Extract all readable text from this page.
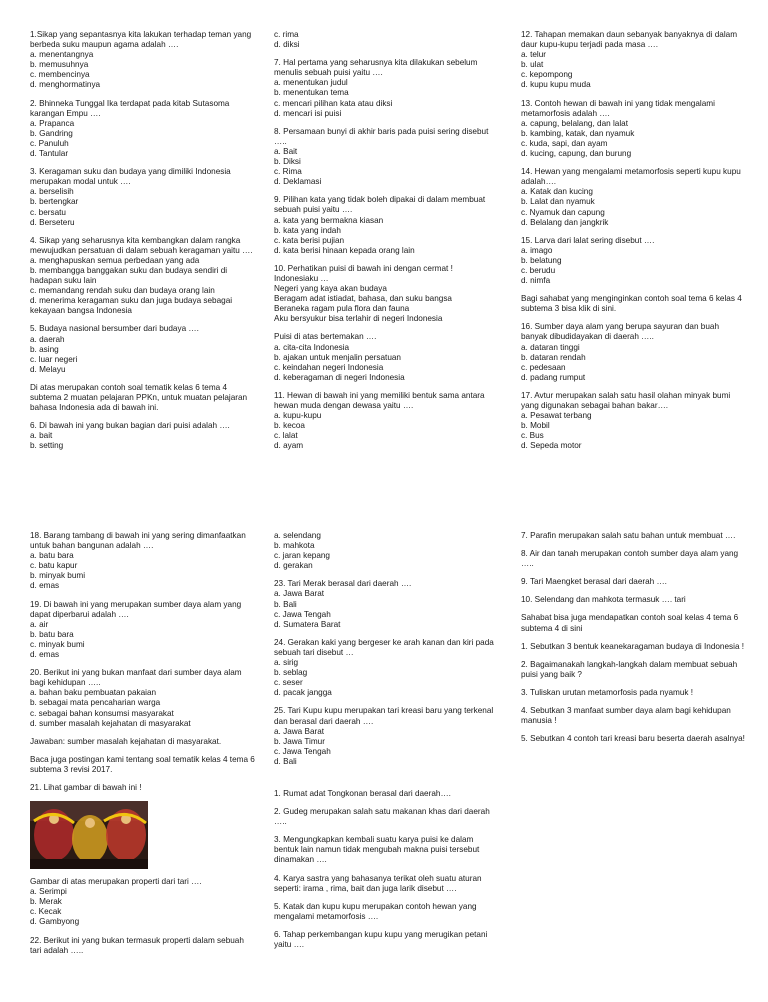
1.Sikap yang sepantasnya kita lakukan terhadap teman yang berbeda suku maupun agama adalah ….
a. menentangnya
b. memusuhnya
c. membencinya
d. menghormatinya
2. Bhinneka Tunggal Ika terdapat pada kitab Sutasoma karangan Empu ….
a. Prapanca
b. Gandring
c. Panuluh
d. Tantular
3. Keragaman suku dan budaya yang dimiliki Indonesia merupakan modal untuk ….
a. berselisih
b. bertengkar
c. bersatu
d. Berseteru
4. Sikap yang seharusnya kita kembangkan dalam rangka mewujudkan persatuan di dalam sebuah keragaman yaitu ….
a. menghapuskan semua perbedaan yang ada
b. membangga banggakan suku dan budaya sendiri di hadapan suku lain
c. memandang rendah suku dan budaya orang lain
d. menerima keragaman suku dan juga budaya sebagai kekayaan bangsa Indonesia
5. Budaya nasional bersumber dari budaya ….
a. daerah
b. asing
c. luar negeri
d. Melayu
Di atas merupakan contoh soal tematik kelas 6 tema 4 subtema 2 muatan pelajaran PPKn, untuk muatan pelajaran bahasa Indonesia ada di bawah ini.
6. Di bawah ini yang bukan bagian dari puisi adalah ….
a. bait
b. setting
c. rima
d. diksi
7. Hal pertama yang seharusnya kita dilakukan sebelum menulis sebuah puisi yaitu ….
a. menentukan judul
b. menentukan tema
c. mencari pilihan kata atau diksi
d. mencari isi puisi
8. Persamaan bunyi di akhir baris pada puisi sering disebut …..
a. Bait
b. Diksi
c. Rima
d. Deklamasi
9. Pilihan kata yang tidak boleh dipakai di dalam membuat sebuah puisi yaitu ….
a. kata yang bermakna kiasan
b. kata yang indah
c. kata berisi pujian
d. kata berisi hinaan kepada orang lain
10. Perhatikan puisi di bawah ini dengan cermat !
Indonesiaku …
Negeri yang kaya akan budaya
Beragam adat istiadat, bahasa, dan suku bangsa
Beraneka ragam pula flora dan fauna
Aku bersyukur bisa terlahir di negeri Indonesia
Puisi di atas bertemakan ….
a. cita-cita Indonesia
b. ajakan untuk menjalin persatuan
c. keindahan negeri Indonesia
d. keberagaman di negeri Indonesia
11. Hewan di bawah ini yang memiliki bentuk sama antara hewan muda dengan dewasa yaitu ….
a. kupu-kupu
b. kecoa
c. lalat
d. ayam
12. Tahapan memakan daun sebanyak banyaknya di dalam daur kupu-kupu terjadi pada masa ….
a. telur
b. ulat
c. kepompong
d. kupu kupu muda
13. Contoh hewan di bawah ini yang tidak mengalami metamorfosis adalah ….
a. capung, belalang, dan lalat
b. kambing, katak, dan nyamuk
c. kuda, sapi, dan ayam
d. kucing, capung, dan burung
14. Hewan yang mengalami metamorfosis seperti kupu kupu adalah….
a. Katak dan kucing
b. Lalat dan nyamuk
c. Nyamuk dan capung
d. Belalang dan jangkrik
15. Larva dari lalat sering disebut ….
a. imago
b. belatung
c. berudu
d. nimfa
Bagi sahabat yang menginginkan contoh soal tema 6 kelas 4 subtema 3 bisa klik di sini.
16. Sumber daya alam yang berupa sayuran dan buah banyak dibudidayakan di daerah …..
a. dataran tinggi
b. dataran rendah
c. pedesaan
d. padang rumput
17. Avtur merupakan salah satu hasil olahan minyak bumi yang digunakan sebagai bahan bakar….
a. Pesawat terbang
b. Mobil
c. Bus
d. Sepeda motor
18. Barang tambang di bawah ini yang sering dimanfaatkan untuk bahan bangunan adalah ….
a. batu bara
c. batu kapur
b. minyak bumi
d. emas
19. Di bawah ini yang merupakan sumber daya alam yang dapat diperbarui adalah ….
a. air
b. batu bara
c. minyak bumi
d. emas
20. Berikut ini yang bukan manfaat dari sumber daya alam bagi kehidupan …..
a. bahan baku pembuatan pakaian
b. sebagai mata pencaharian warga
c. sebagai bahan konsumsi masyarakat
d. sumber masalah kejahatan di masyarakat
Jawaban: sumber masalah kejahatan di masyarakat.
Baca juga postingan kami tentang soal tematik kelas 4 tema 6 subtema 3 revisi 2017.
21. Lihat gambar di bawah ini !
Gambar di atas merupakan properti dari tari ….
a. Serimpi
b. Merak
c. Kecak
d. Gambyong
22. Berikut ini yang bukan termasuk properti dalam sebuah tari adalah …..
a. selendang
b. mahkota
c. jaran kepang
d. gerakan
23. Tari Merak berasal dari daerah ….
a. Jawa Barat
b. Bali
c. Jawa Tengah
d. Sumatera Barat
24. Gerakan kaki yang bergeser ke arah kanan dan kiri pada sebuah tari disebut …
a. sirig
b. seblag
c. seser
d. pacak jangga
25. Tari Kupu kupu merupakan tari kreasi baru yang terkenal dan berasal dari daerah ….
a. Jawa Barat
b. Jawa Timur
c. Jawa Tengah
d. Bali
1. Rumat adat Tongkonan berasal dari daerah….
2. Gudeg merupakan salah satu makanan khas dari daerah …..
3. Mengungkapkan kembali suatu karya puisi ke dalam bentuk lain namun tidak mengubah makna puisi tersebut dinamakan ….
4. Karya sastra yang bahasanya terikat oleh suatu aturan seperti: irama , rima, bait dan juga larik disebut ….
5. Katak dan kupu kupu merupakan contoh hewan yang mengalami metamorfosis ….
6. Tahap perkembangan kupu kupu yang merugikan petani yaitu ….
7. Parafin merupakan salah satu bahan untuk membuat ….
8. Air dan tanah merupakan contoh sumber daya alam yang …..
9. Tari Maengket berasal dari daerah ….
10. Selendang dan mahkota termasuk …. tari
Sahabat bisa juga mendapatkan contoh soal kelas 4 tema 6 subtema 4 di sini
1. Sebutkan 3 bentuk keanekaragaman budaya di Indonesia !
2. Bagaimanakah langkah-langkah dalam membuat sebuah puisi yang baik ?
3. Tuliskan urutan metamorfosis pada nyamuk !
4. Sebutkan 3 manfaat sumber daya alam bagi kehidupan manusia !
5. Sebutkan 4 contoh tari kreasi baru beserta daerah asalnya!
